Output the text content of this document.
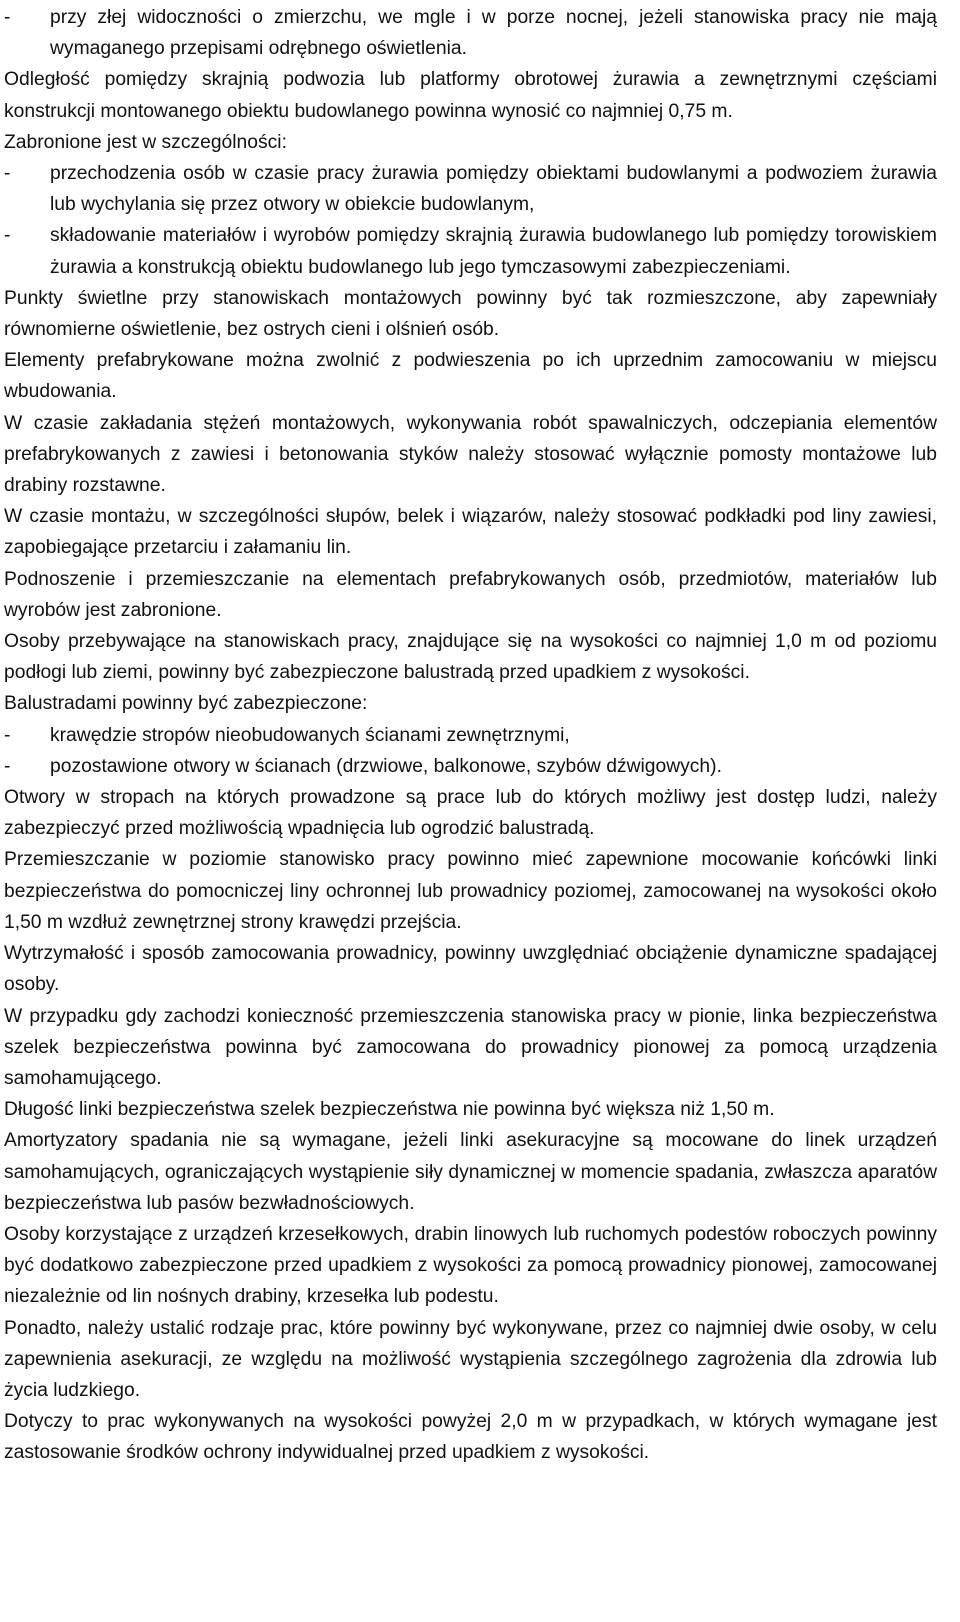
- przy złej widoczności o zmierzchu, we mgle i w porze nocnej, jeżeli stanowiska pracy nie mają wymaganego przepisami odrębnego oświetlenia.

Odległość pomiędzy skrajnią podwozia lub platformy obrotowej żurawia a zewnętrznymi częściami konstrukcji montowanego obiektu budowlanego powinna wynosić co najmniej 0,75 m.

Zabronione jest w szczególności:

- przechodzenia osób w czasie pracy żurawia pomiędzy obiektami budowlanymi a podwoziem żurawia lub wychylania się przez otwory w obiekcie budowlanym,
- składowanie materiałów i wyrobów pomiędzy skrajnią żurawia budowlanego lub pomiędzy torowiskiem żurawia a konstrukcją obiektu budowlanego lub jego tymczasowymi zabezpieczeniami.

Punkty świetlne przy stanowiskach montażowych powinny być tak rozmieszczone, aby zapewniały równomierne oświetlenie, bez ostrych cieni i olśnień osób.

Elementy prefabrykowane można zwolnić z podwieszenia po ich uprzednim zamocowaniu w miejscu wbudowania.

W czasie zakładania stężeń montażowych, wykonywania robót spawalniczych, odczepiania elementów prefabrykowanych z zawiesi i betonowania styków należy stosować wyłącznie pomosty montażowe lub drabiny rozstawne.

W czasie montażu, w szczególności słupów, belek i wiązarów, należy stosować podkładki pod liny zawiesi, zapobiegające przetarciu i załamaniu lin.

Podnoszenie i przemieszczanie na elementach prefabrykowanych osób, przedmiotów, materiałów lub wyrobów jest zabronione.

Osoby przebywające na stanowiskach pracy, znajdujące się na wysokości co najmniej 1,0 m od poziomu podłogi lub ziemi, powinny być zabezpieczone balustradą przed upadkiem z wysokości.

Balustradami powinny być zabezpieczone:

- krawędzie stropów nieobudowanych ścianami zewnętrznymi,
- pozostawione otwory w ścianach (drzwiowe, balkonowe, szybów dźwigowych).

Otwory w stropach na których prowadzone są prace lub do których możliwy jest dostęp ludzi, należy zabezpieczyć przed możliwością wpadnięcia lub ogrodzić balustradą.

Przemieszczanie w poziomie stanowisko pracy powinno mieć zapewnione mocowanie końcówki linki bezpieczeństwa do pomocniczej liny ochronnej lub prowadnicy poziomej, zamocowanej na wysokości około 1,50 m wzdłuż zewnętrznej strony krawędzi przejścia.

Wytrzymałość i sposób zamocowania prowadnicy, powinny uwzględniać obciążenie dynamiczne spadającej osoby.

W przypadku gdy zachodzi konieczność przemieszczenia stanowiska pracy w pionie, linka bezpieczeństwa szelek bezpieczeństwa powinna być zamocowana do prowadnicy pionowej za pomocą urządzenia samohamującego.

Długość linki bezpieczeństwa szelek bezpieczeństwa nie powinna być większa niż 1,50 m.

Amortyzatory spadania nie są wymagane, jeżeli linki asekuracyjne są mocowane do linek urządzeń samohamujących, ograniczających wystąpienie siły dynamicznej w momencie spadania, zwłaszcza aparatów bezpieczeństwa lub pasów bezwładnościowych.

Osoby korzystające z urządzeń krzesełkowych, drabin linowych lub ruchomych podestów roboczych powinny być dodatkowo zabezpieczone przed upadkiem z wysokości za pomocą prowadnicy pionowej, zamocowanej niezależnie od lin nośnych drabiny, krzesełka lub podestu.

Ponadto, należy ustalić rodzaje prac, które powinny być wykonywane, przez co najmniej dwie osoby, w celu zapewnienia asekuracji, ze względu na możliwość wystąpienia szczególnego zagrożenia dla zdrowia lub życia ludzkiego.

Dotyczy to prac wykonywanych na wysokości powyżej 2,0 m w przypadkach, w których wymagane jest zastosowanie środków ochrony indywidualnej przed upadkiem z wysokości.
